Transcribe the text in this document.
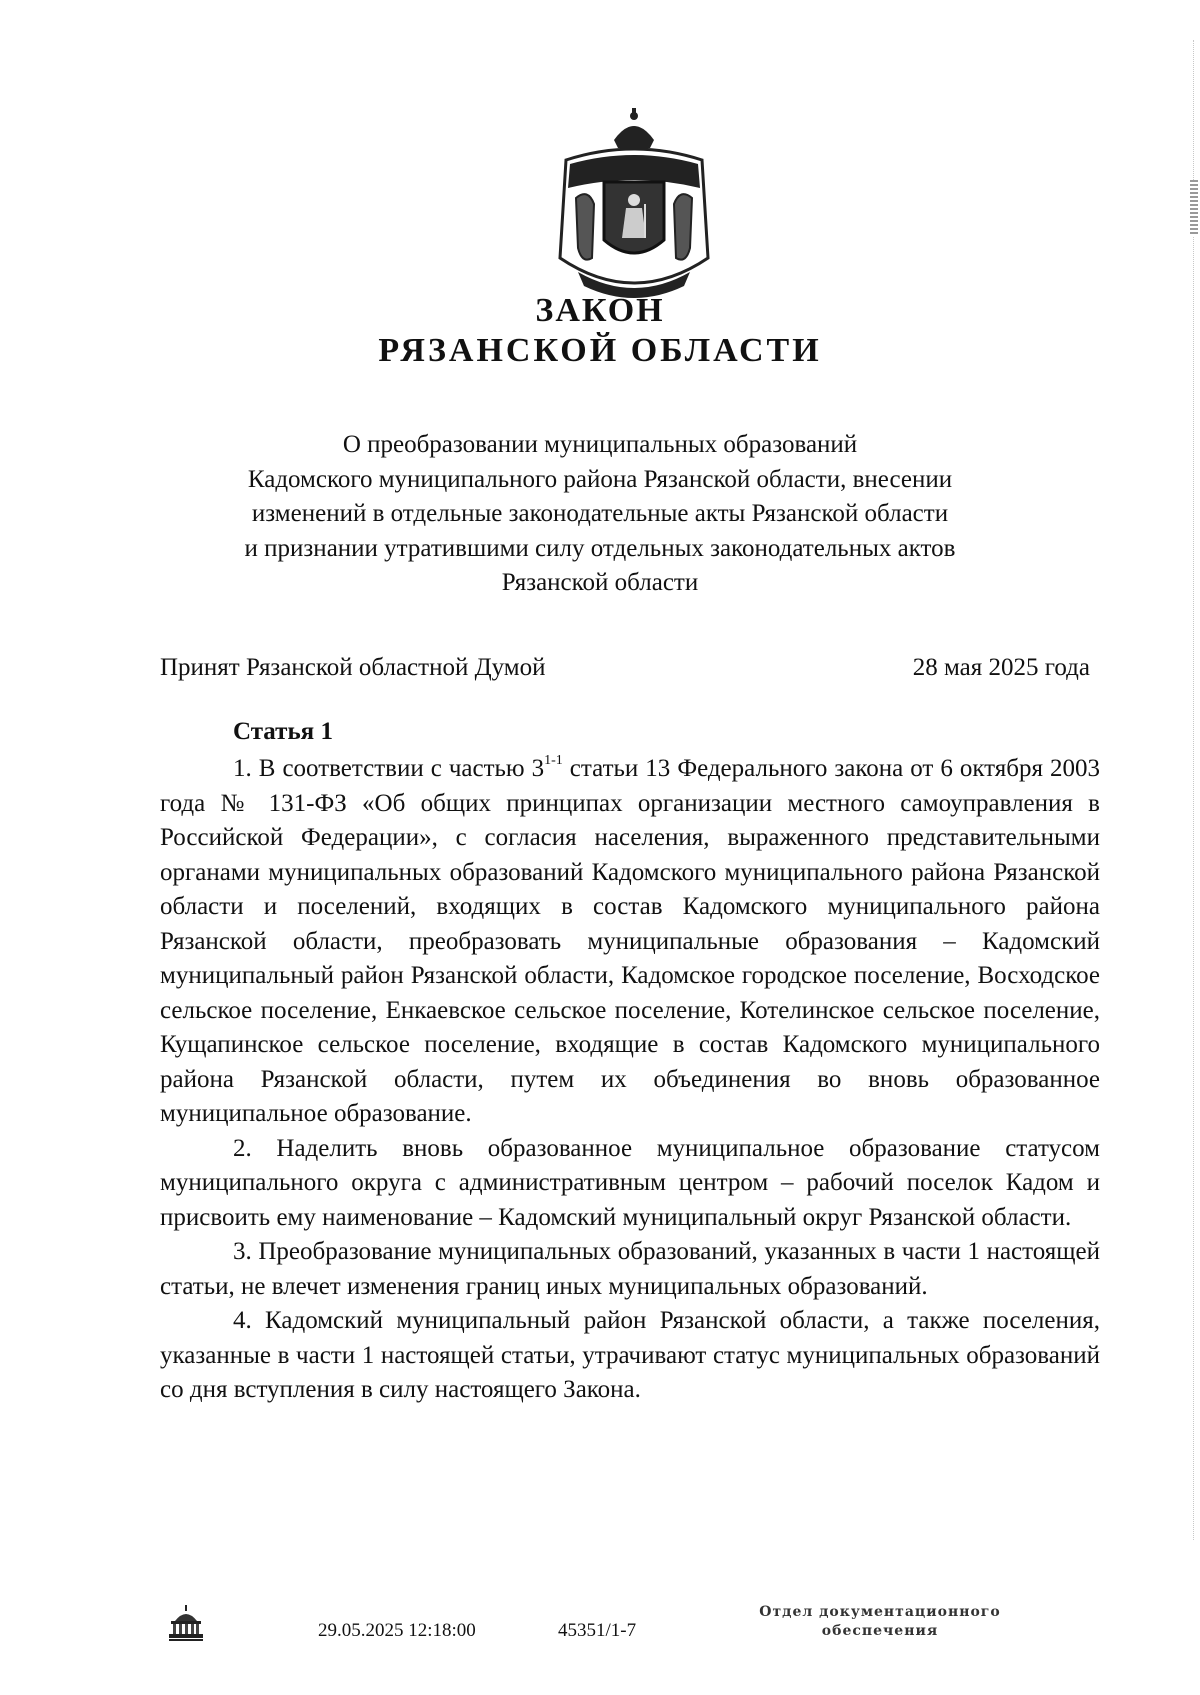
ЗАКОН
РЯЗАНСКОЙ ОБЛАСТИ
О преобразовании муниципальных образований
Кадомского муниципального района Рязанской области, внесении
изменений в отдельные законодательные акты Рязанской области
и признании утратившими силу отдельных законодательных актов
Рязанской области
Принят Рязанской областной Думой	28 мая 2025 года
Статья 1

1. В соответствии с частью 3$^{1-1}$ статьи 13 Федерального закона от 6 октября 2003 года № 131-ФЗ «Об общих принципах организации местного самоуправления в Российской Федерации», с согласия населения, выраженного представительными органами муниципальных образований Кадомского муниципального района Рязанской области и поселений, входящих в состав Кадомского муниципального района Рязанской области, преобразовать муниципальные образования – Кадомский муниципальный район Рязанской области, Кадомское городское поселение, Восходское сельское поселение, Енкаевское сельское поселение, Котелинское сельское поселение, Кущапинское сельское поселение, входящие в состав Кадомского муниципального района Рязанской области, путем их объединения во вновь образованное муниципальное образование.

2. Наделить вновь образованное муниципальное образование статусом муниципального округа с административным центром – рабочий поселок Кадом и присвоить ему наименование – Кадомский муниципальный округ Рязанской области.

3. Преобразование муниципальных образований, указанных в части 1 настоящей статьи, не влечет изменения границ иных муниципальных образований.

4. Кадомский муниципальный район Рязанской области, а также поселения, указанные в части 1 настоящей статьи, утрачивают статус муниципальных образований со дня вступления в силу настоящего Закона.

29.05.2025 12:18:00	45351/1-7
Отдел документационного
обеспечения
